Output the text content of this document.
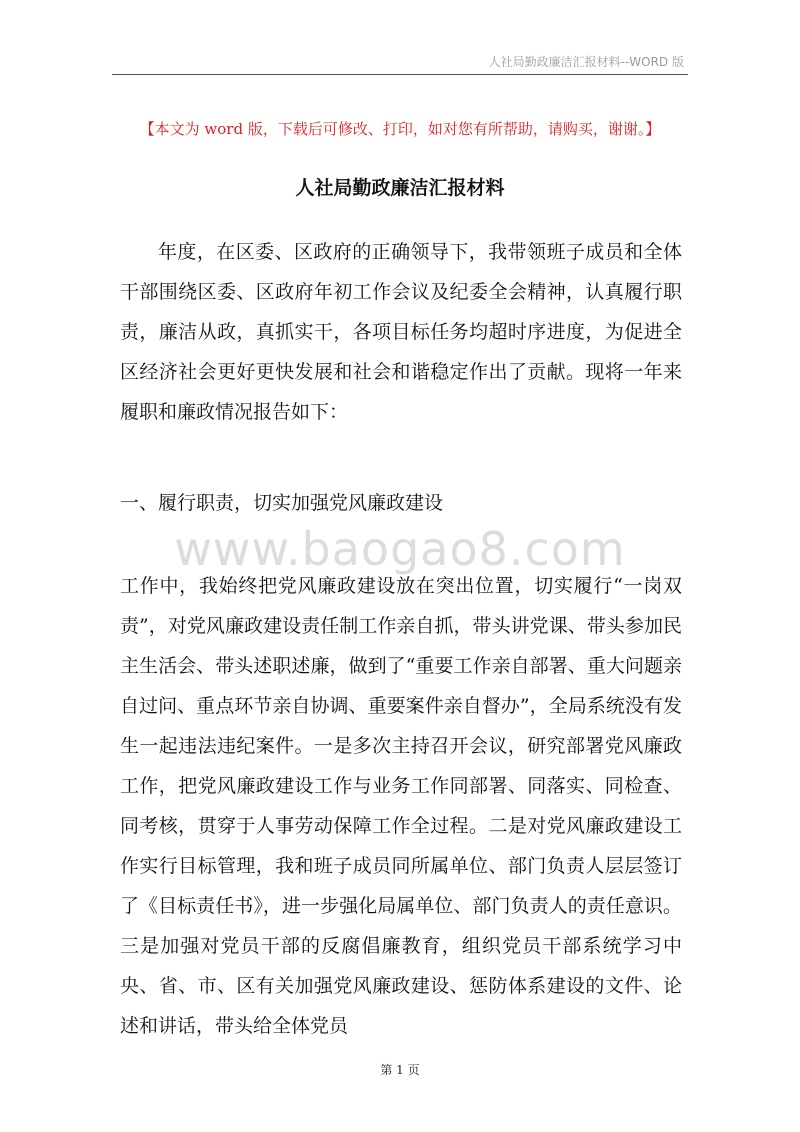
人社局勤政廉洁汇报材料--WORD 版
【本文为 word 版，下载后可修改、打印，如对您有所帮助，请购买，谢谢。】
人社局勤政廉洁汇报材料

年度，在区委、区政府的正确领导下，我带领班子成员和全体干部围绕区委、区政府年初工作会议及纪委全会精神，认真履行职责，廉洁从政，真抓实干，各项目标任务均超时序进度，为促进全区经济社会更好更快发展和社会和谐稳定作出了贡献。现将一年来履职和廉政情况报告如下：

一、履行职责，切实加强党风廉政建设

www.baogao8.com

工作中，我始终把党风廉政建设放在突出位置，切实履行“一岗双责”，对党风廉政建设责任制工作亲自抓，带头讲党课、带头参加民主生活会、带头述职述廉，做到了“重要工作亲自部署、重大问题亲自过问、重点环节亲自协调、重要案件亲自督办”，全局系统没有发生一起违法违纪案件。一是多次主持召开会议，研究部署党风廉政工作，把党风廉政建设工作与业务工作同部署、同落实、同检查、同考核，贯穿于人事劳动保障工作全过程。二是对党风廉政建设工作实行目标管理，我和班子成员同所属单位、部门负责人层层签订了《目标责任书》，进一步强化局属单位、部门负责人的责任意识。三是加强对党员干部的反腐倡廉教育，组织党员干部系统学习中央、省、市、区有关加强党风廉政建设、惩防体系建设的文件、论述和讲话，带头给全体党员

第 1 页
